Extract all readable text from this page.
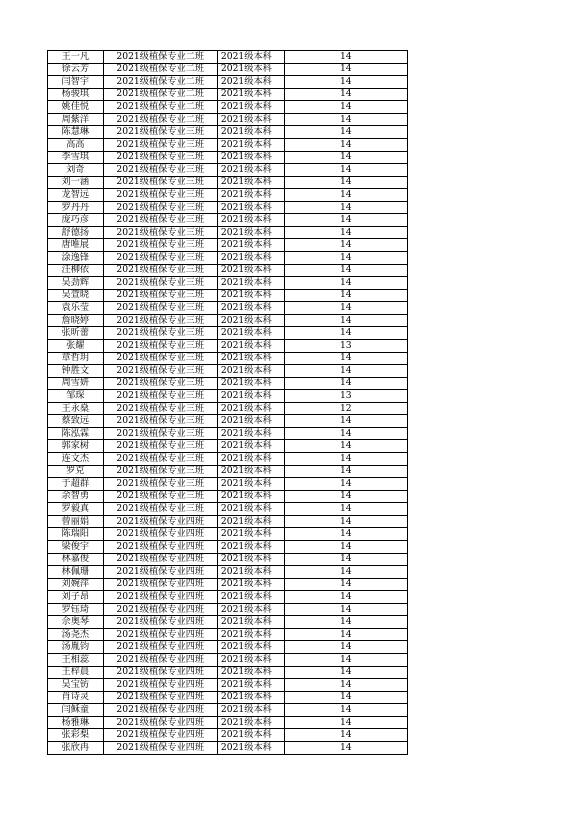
王一凡	2021级植保专业二班	2021级本科	14
徐云芳	2021级植保专业二班	2021级本科	14
闫智宇	2021级植保专业二班	2021级本科	14
杨骏琪	2021级植保专业二班	2021级本科	14
姚佳悦	2021级植保专业二班	2021级本科	14
周紫洋	2021级植保专业二班	2021级本科	14
陈慧琳	2021级植保专业三班	2021级本科	14
高高	2021级植保专业三班	2021级本科	14
李雪琪	2021级植保专业三班	2021级本科	14
刘奇	2021级植保专业三班	2021级本科	14
刘一涵	2021级植保专业三班	2021级本科	14
龙智远	2021级植保专业三班	2021级本科	14
罗丹丹	2021级植保专业三班	2021级本科	14
庞巧彦	2021级植保专业三班	2021级本科	14
舒德扬	2021级植保专业三班	2021级本科	14
唐唯展	2021级植保专业三班	2021级本科	14
涂逸锋	2021级植保专业三班	2021级本科	14
汪柳依	2021级植保专业三班	2021级本科	14
吴劲辉	2021级植保专业三班	2021级本科	14
吴萱晓	2021级植保专业三班	2021级本科	14
袁乐莹	2021级植保专业三班	2021级本科	14
詹晓婷	2021级植保专业三班	2021级本科	14
张昕蕾	2021级植保专业三班	2021级本科	14
张耀	2021级植保专业三班	2021级本科	13
章哲玥	2021级植保专业三班	2021级本科	14
钟胜文	2021级植保专业三班	2021级本科	14
周雪妍	2021级植保专业三班	2021级本科	14
邹琛	2021级植保专业三班	2021级本科	13
王永燊	2021级植保专业三班	2021级本科	12
蔡致远	2021级植保专业三班	2021级本科	14
陈泓霖	2021级植保专业三班	2021级本科	14
郭家树	2021级植保专业三班	2021级本科	14
连文杰	2021级植保专业三班	2021级本科	14
罗克	2021级植保专业三班	2021级本科	14
于超群	2021级植保专业三班	2021级本科	14
余智勇	2021级植保专业三班	2021级本科	14
罗毅真	2021级植保专业三班	2021级本科	14
曾丽娟	2021级植保专业四班	2021级本科	14
陈瑞阳	2021级植保专业四班	2021级本科	14
梁俊宇	2021级植保专业四班	2021级本科	14
林嘉俊	2021级植保专业四班	2021级本科	14
林佩珊	2021级植保专业四班	2021级本科	14
刘婉萍	2021级植保专业四班	2021级本科	14
刘子昂	2021级植保专业四班	2021级本科	14
罗钰琦	2021级植保专业四班	2021级本科	14
佘奥琴	2021级植保专业四班	2021级本科	14
汤尧杰	2021级植保专业四班	2021级本科	14
汤胤钧	2021级植保专业四班	2021级本科	14
王相蕊	2021级植保专业四班	2021级本科	14
王梓晨	2021级植保专业四班	2021级本科	14
吴宝钫	2021级植保专业四班	2021级本科	14
肖诗灵	2021级植保专业四班	2021级本科	14
闫稣童	2021级植保专业四班	2021级本科	14
杨雅琳	2021级植保专业四班	2021级本科	14
张彩梨	2021级植保专业四班	2021级本科	14
张欣冉	2021级植保专业四班	2021级本科	14
